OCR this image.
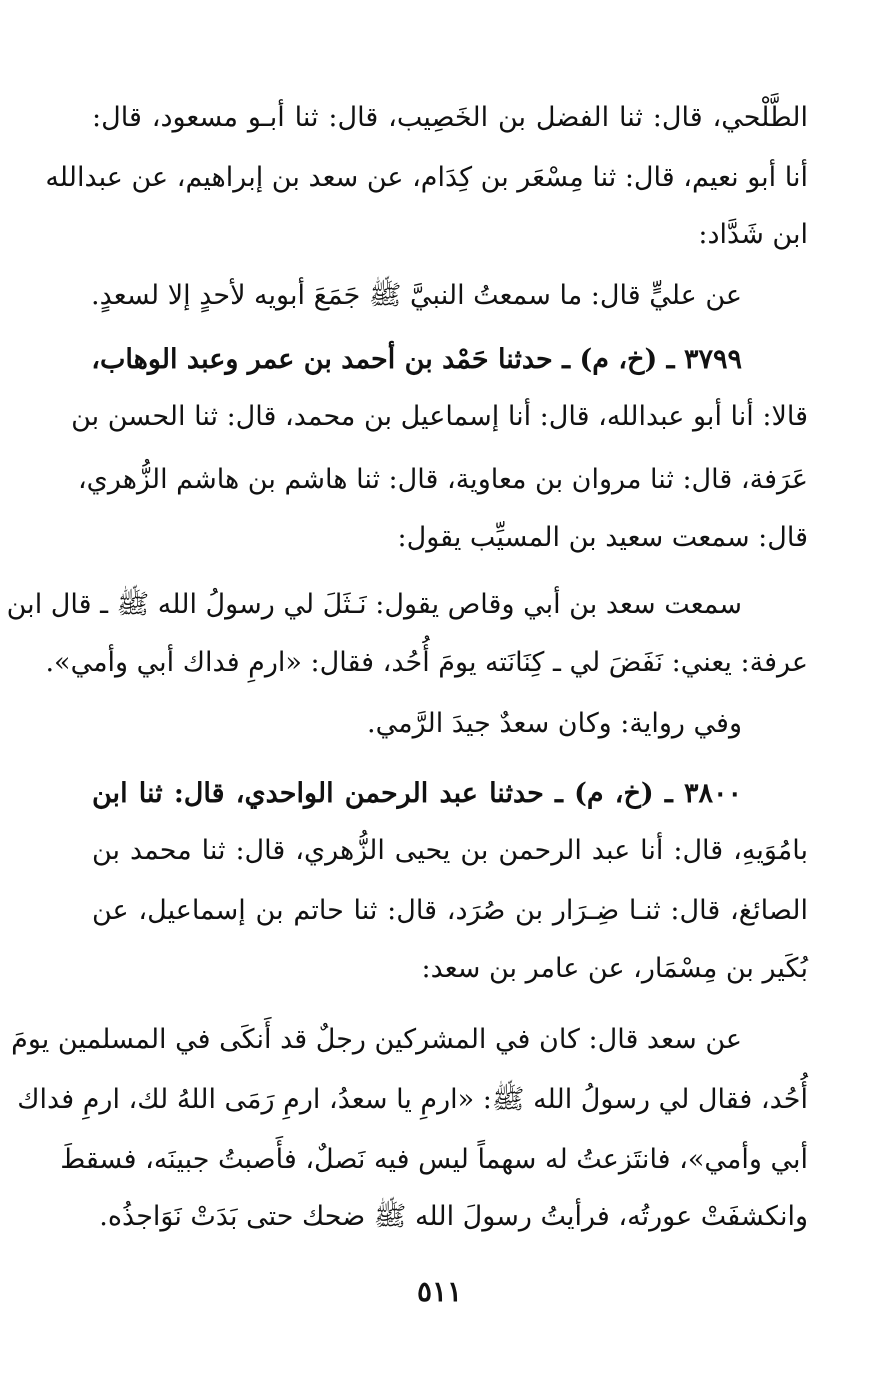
الطَّلْحي، قال: ثنا الفضل بن الخَصِيب، قال: ثنا أبـو مسعود، قال:
أنا أبو نعيم، قال: ثنا مِسْعَر بن كِدَام، عن سعد بن إبراهيم، عن عبدالله
ابن شَدَّاد:
عن عليٍّ قال: ما سمعتُ النبيَّ ﷺ جَمَعَ أبويه لأحدٍ إلا لسعدٍ.
٣٧٩٩ ـ (خ، م) ـ حدثنا حَمْد بن أحمد بن عمر وعبد الوهاب،
قالا: أنا أبو عبدالله، قال: أنا إسماعيل بن محمد، قال: ثنا الحسن بن
عَرَفة، قال: ثنا مروان بن معاوية، قال: ثنا هاشم بن هاشم الزُّهري،
قال: سمعت سعيد بن المسيِّب يقول:
سمعت سعد بن أبي وقاص يقول: نَـثَلَ لي رسولُ الله ﷺ ـ قال ابن
عرفة: يعني: نَفَضَ لي ـ كِنَانَته يومَ أُحُد، فقال: «ارمِ فداك أبي وأمي».
وفي رواية: وكان سعدٌ جيدَ الرَّمي.
٣٨٠٠ ـ (خ، م) ـ حدثنا عبد الرحمن الواحدي، قال: ثنا ابن
بامُوَيهِ، قال: أنا عبد الرحمن بن يحيى الزُّهري، قال: ثنا محمد بن
الصائغ، قال: ثنـا ضِـرَار بن صُرَد، قال: ثنا حاتم بن إسماعيل، عن
بُكَير بن مِسْمَار، عن عامر بن سعد:
عن سعد قال: كان في المشركين رجلٌ قد أَنكَى في المسلمين يومَ
أُحُد، فقال لي رسولُ الله ﷺ: «ارمِ يا سعدُ، ارمِ رَمَى اللهُ لك، ارمِ فداك
أبي وأمي»، فانتَزعتُ له سهماً ليس فيه نَصلٌ، فأَصبتُ جبينَه، فسقطَ
وانكشفَتْ عورتُه، فرأيتُ رسولَ الله ﷺ ضحك حتى بَدَتْ نَوَاجذُه.
٥١١
